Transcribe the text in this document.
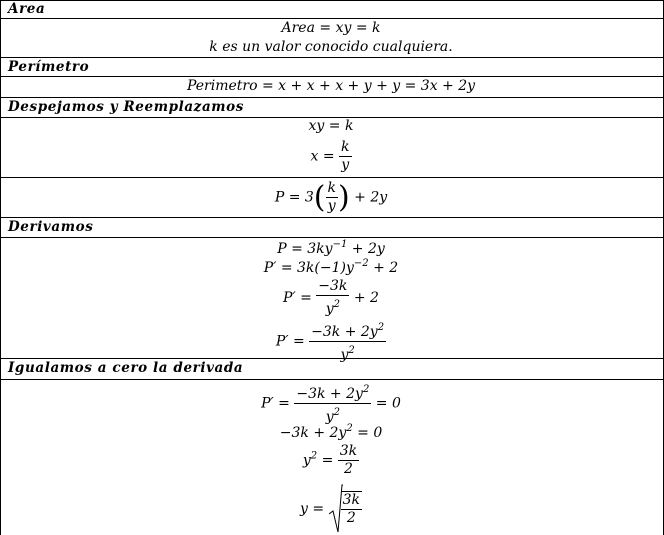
Area
Area = xy = k
k es un valor conocido cualquiera.
Perímetro
Perimetro = x + x + x + y + y = 3x + 2y
Despejamos y Reemplazamos
xy = k
$x = \frac{k}{y}$
$P = 3( \frac{k}{y}$ ) + 2y
Derivamos
$P = 3ky^{-1} + 2y$
$P' = 3k(-1)y^{-2} + 2$
$P' = \frac{-3k}{y^2} + 2$
$P' = \frac{-3k + 2y^2}{y^2}$
Igualamos a cero la derivada
$P' = \frac{-3k + 2y^2}{y^2} = 0$
$-3k + 2y^2 = 0$
$y^2 = \frac{3k}{2}$
$y = \frac{3k}{2}$
